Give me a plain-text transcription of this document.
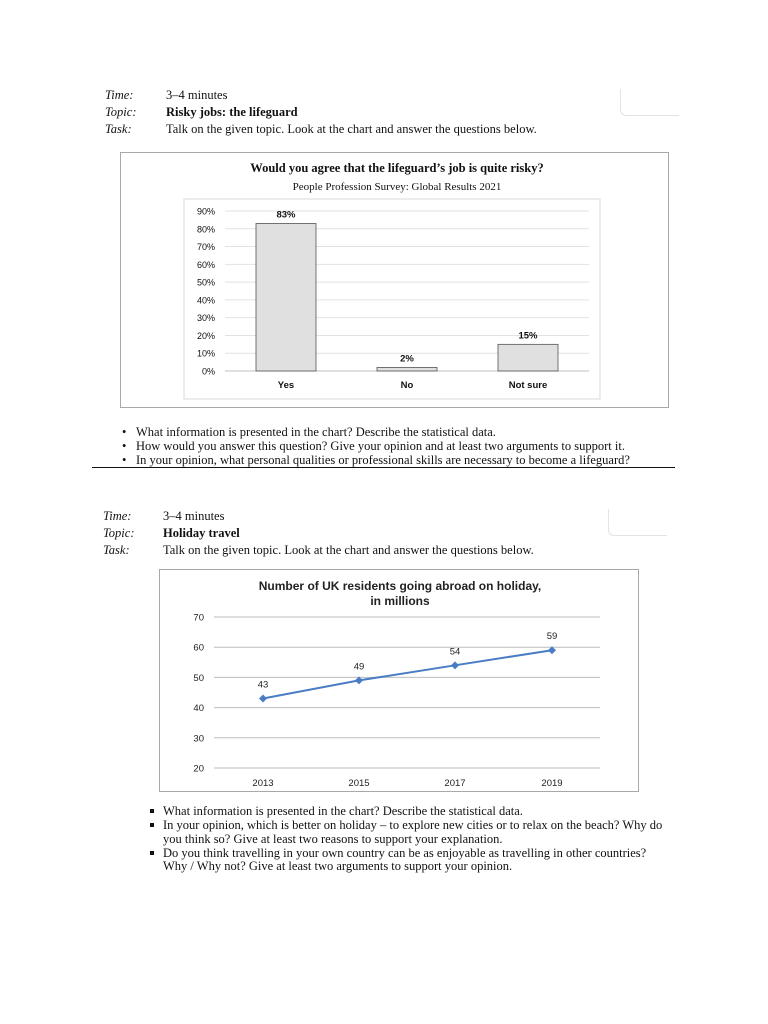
Time:	3–4 minutes
Topic: Risky jobs: the lifeguard
Task:	Talk on the given topic. Look at the chart and answer the questions below.
Would you agree that the lifeguard’s job is quite risky?
People Profession Survey: Global Results 2021
0%
10%
20%
30%
40%
50%
60%
70%
80%
90%	83%
2%
15%
Yes	No	Not sure
• What information is presented in the chart? Describe the statistical data.
• How would you answer this question? Give your opinion and at least two arguments to support it.
• In your opinion, what personal qualities or professional skills are necessary to become a lifeguard?
Time:	3–4 minutes
Topic: Holiday travel
Task:	Talk on the given topic. Look at the chart and answer the questions below.
Number of UK residents going abroad on holiday,
in millions
20
30
40
50
60
70
43
49
54
59
2013	2015	2017	2019
What information is presented in the chart? Describe the statistical data.
In your opinion, which is better on holiday – to explore new cities or to relax on the beach? Why do you think so? Give at least two reasons to support your explanation.
Do you think travelling in your own country can be as enjoyable as travelling in other countries? Why / Why not? Give at least two arguments to support your opinion.
